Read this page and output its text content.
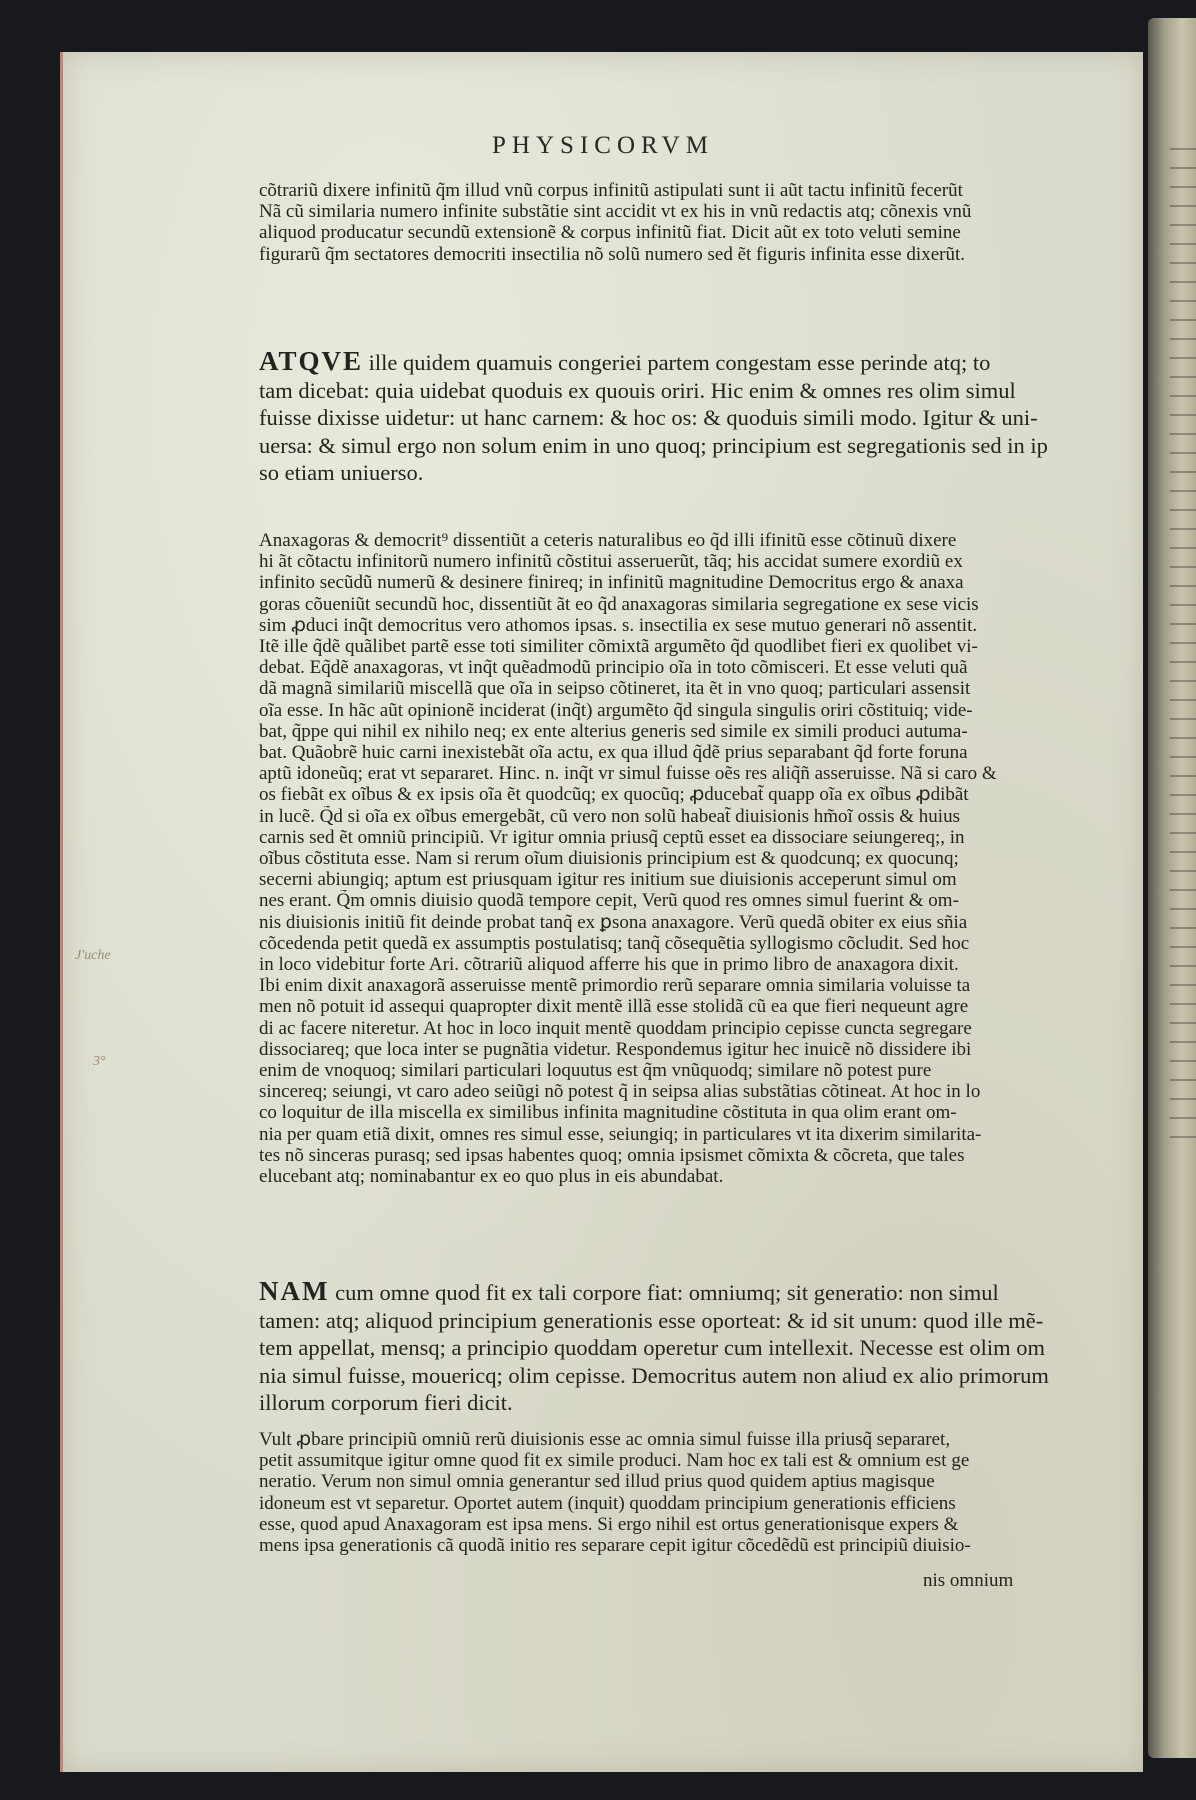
PHYSICORVM
cõtrariũ dixere infinitũ q̃m illud vnũ corpus infinitũ astipulati sunt ii aũt tactu infinitũ fecerũt
Nã cũ similaria numero infinite substãtie sint accidit vt ex his in vnũ redactis atq; cõnexis vnũ
aliquod producatur secundũ extensionẽ & corpus infinitũ fiat. Dicit aũt ex toto veluti semine
figurarũ q̃m sectatores democriti insectilia nõ solũ numero sed ẽt figuris infinita esse dixerũt.
ATQVE ille quidem quamuis congeriei partem congestam esse perinde atq; to
tam dicebat: quia uidebat quoduis ex quouis oriri. Hic enim & omnes res olim simul
fuisse dixisse uidetur: ut hanc carnem: & hoc os: & quoduis simili modo. Igitur & uni-
uersa: & simul ergo non solum enim in uno quoq; principium est segregationis sed in ip
so etiam uniuerso.
Anaxagoras & democrit⁹ dissentiũt a ceteris naturalibus eo q̃d illi ifinitũ esse cõtinuũ dixere
hi ãt cõtactu infinitorũ numero infinitũ cõstitui asseruerũt, tãq; his accidat sumere exordiũ ex
infinito secũdũ numerũ & desinere finireq; in infinitũ magnitudine Democritus ergo & anaxa
goras cõueniũt secundũ hoc, dissentiũt ãt eo q̃d anaxagoras similaria segregatione ex sese vicis
sim ꝓduci inq̃t democritus vero athomos ipsas. s. insectilia ex sese mutuo generari nõ assentit.
Itẽ ille q̃dẽ quãlibet partẽ esse toti similiter cõmixtã argumẽto q̃d quodlibet fieri ex quolibet vi-
debat. Eq̃dẽ anaxagoras, vt inq̃t quẽadmodũ principio oĩa in toto cõmisceri. Et esse veluti quã
dã magnã similariũ miscellã que oĩa in seipso cõtineret, ita ẽt in vno quoq; particulari assensit
oĩa esse. In hãc aũt opinionẽ inciderat (inq̃t) argumẽto q̃d singula singulis oriri cõstituiq; vide-
bat, q̃ppe qui nihil ex nihilo neq; ex ente alterius generis sed simile ex simili produci autuma-
bat. Quãobrẽ huic carni inexistebãt oĩa actu, ex qua illud q̃dẽ prius separabant q̃d forte foruna
aptũ idoneũq; erat vt separaret. Hinc. n. inq̃t vr simul fuisse oẽs res aliq̃ñ asseruisse. Nã si caro &
os fiebãt ex oĩbus & ex ipsis oĩa ẽt quodcũq; ex quocũq; ꝓducebat̃ quapp oĩa ex oĩbus ꝓdibãt
in lucẽ. Q̃d si oĩa ex oĩbus emergebãt, cũ vero non solũ habeat̃ diuisionis hm̃oĩ ossis & huius
carnis sed ẽt omniũ principiũ. Vr igitur omnia priusq̃ ceptũ esset ea dissociare seiungereq;, in
oĩbus cõstituta esse. Nam si rerum oĩum diuisionis principium est & quodcunq; ex quocunq;
secerni abiungiq; aptum est priusquam igitur res initium sue diuisionis acceperunt simul om
nes erant. Q̃m omnis diuisio quodã tempore cepit, Verũ quod res omnes simul fuerint & om-
nis diuisionis initiũ fit deinde probat tanq̃ ex ꝑsona anaxagore. Verũ quedã obiter ex eius sñia
cõcedenda petit quedã ex assumptis postulatisq; tanq̃ cõsequẽtia syllogismo cõcludit. Sed hoc
in loco videbitur forte Ari. cõtrariũ aliquod afferre his que in primo libro de anaxagora dixit.
Ibi enim dixit anaxagorã asseruisse mentẽ primordio rerũ separare omnia similaria voluisse ta
men nõ potuit id assequi quapropter dixit mentẽ illã esse stolidã cũ ea que fieri nequeunt agre
di ac facere niteretur. At hoc in loco inquit mentẽ quoddam principio cepisse cuncta segregare
dissociareq; que loca inter se pugnãtia videtur. Respondemus igitur hec inuicẽ nõ dissidere ibi
enim de vnoquoq; similari particulari loquutus est q̃m vnũquodq; similare nõ potest pure
sincereq; seiungi, vt caro adeo seiũgi nõ potest q̃ in seipsa alias substãtias cõtineat. At hoc in lo
co loquitur de illa miscella ex similibus infinita magnitudine cõstituta in qua olim erant om-
nia per quam etiã dixit, omnes res simul esse, seiungiq; in particulares vt ita dixerim similarita-
tes nõ sinceras purasq; sed ipsas habentes quoq; omnia ipsismet cõmixta & cõcreta, que tales
elucebant atq; nominabantur ex eo quo plus in eis abundabat.
NAM cum omne quod fit ex tali corpore fiat: omniumq; sit generatio: non simul
tamen: atq; aliquod principium generationis esse oporteat: & id sit unum: quod ille mẽ-
tem appellat, mensq; a principio quoddam operetur cum intellexit. Necesse est olim om
nia simul fuisse, mouericq; olim cepisse. Democritus autem non aliud ex alio primorum
illorum corporum fieri dicit.
Vult ꝓbare principiũ omniũ rerũ diuisionis esse ac omnia simul fuisse illa priusq̃ separaret,
petit assumitque igitur omne quod fit ex simile produci. Nam hoc ex tali est & omnium est ge
neratio. Verum non simul omnia generantur sed illud prius quod quidem aptius magisque
idoneum est vt separetur. Oportet autem (inquit) quoddam principium generationis efficiens
esse, quod apud Anaxagoram est ipsa mens. Si ergo nihil est ortus generationisque expers &
mens ipsa generationis cã quodã initio res separare cepit igitur cõcedẽdũ est principiũ diuisio-
nis omnium
J'uche
3°
